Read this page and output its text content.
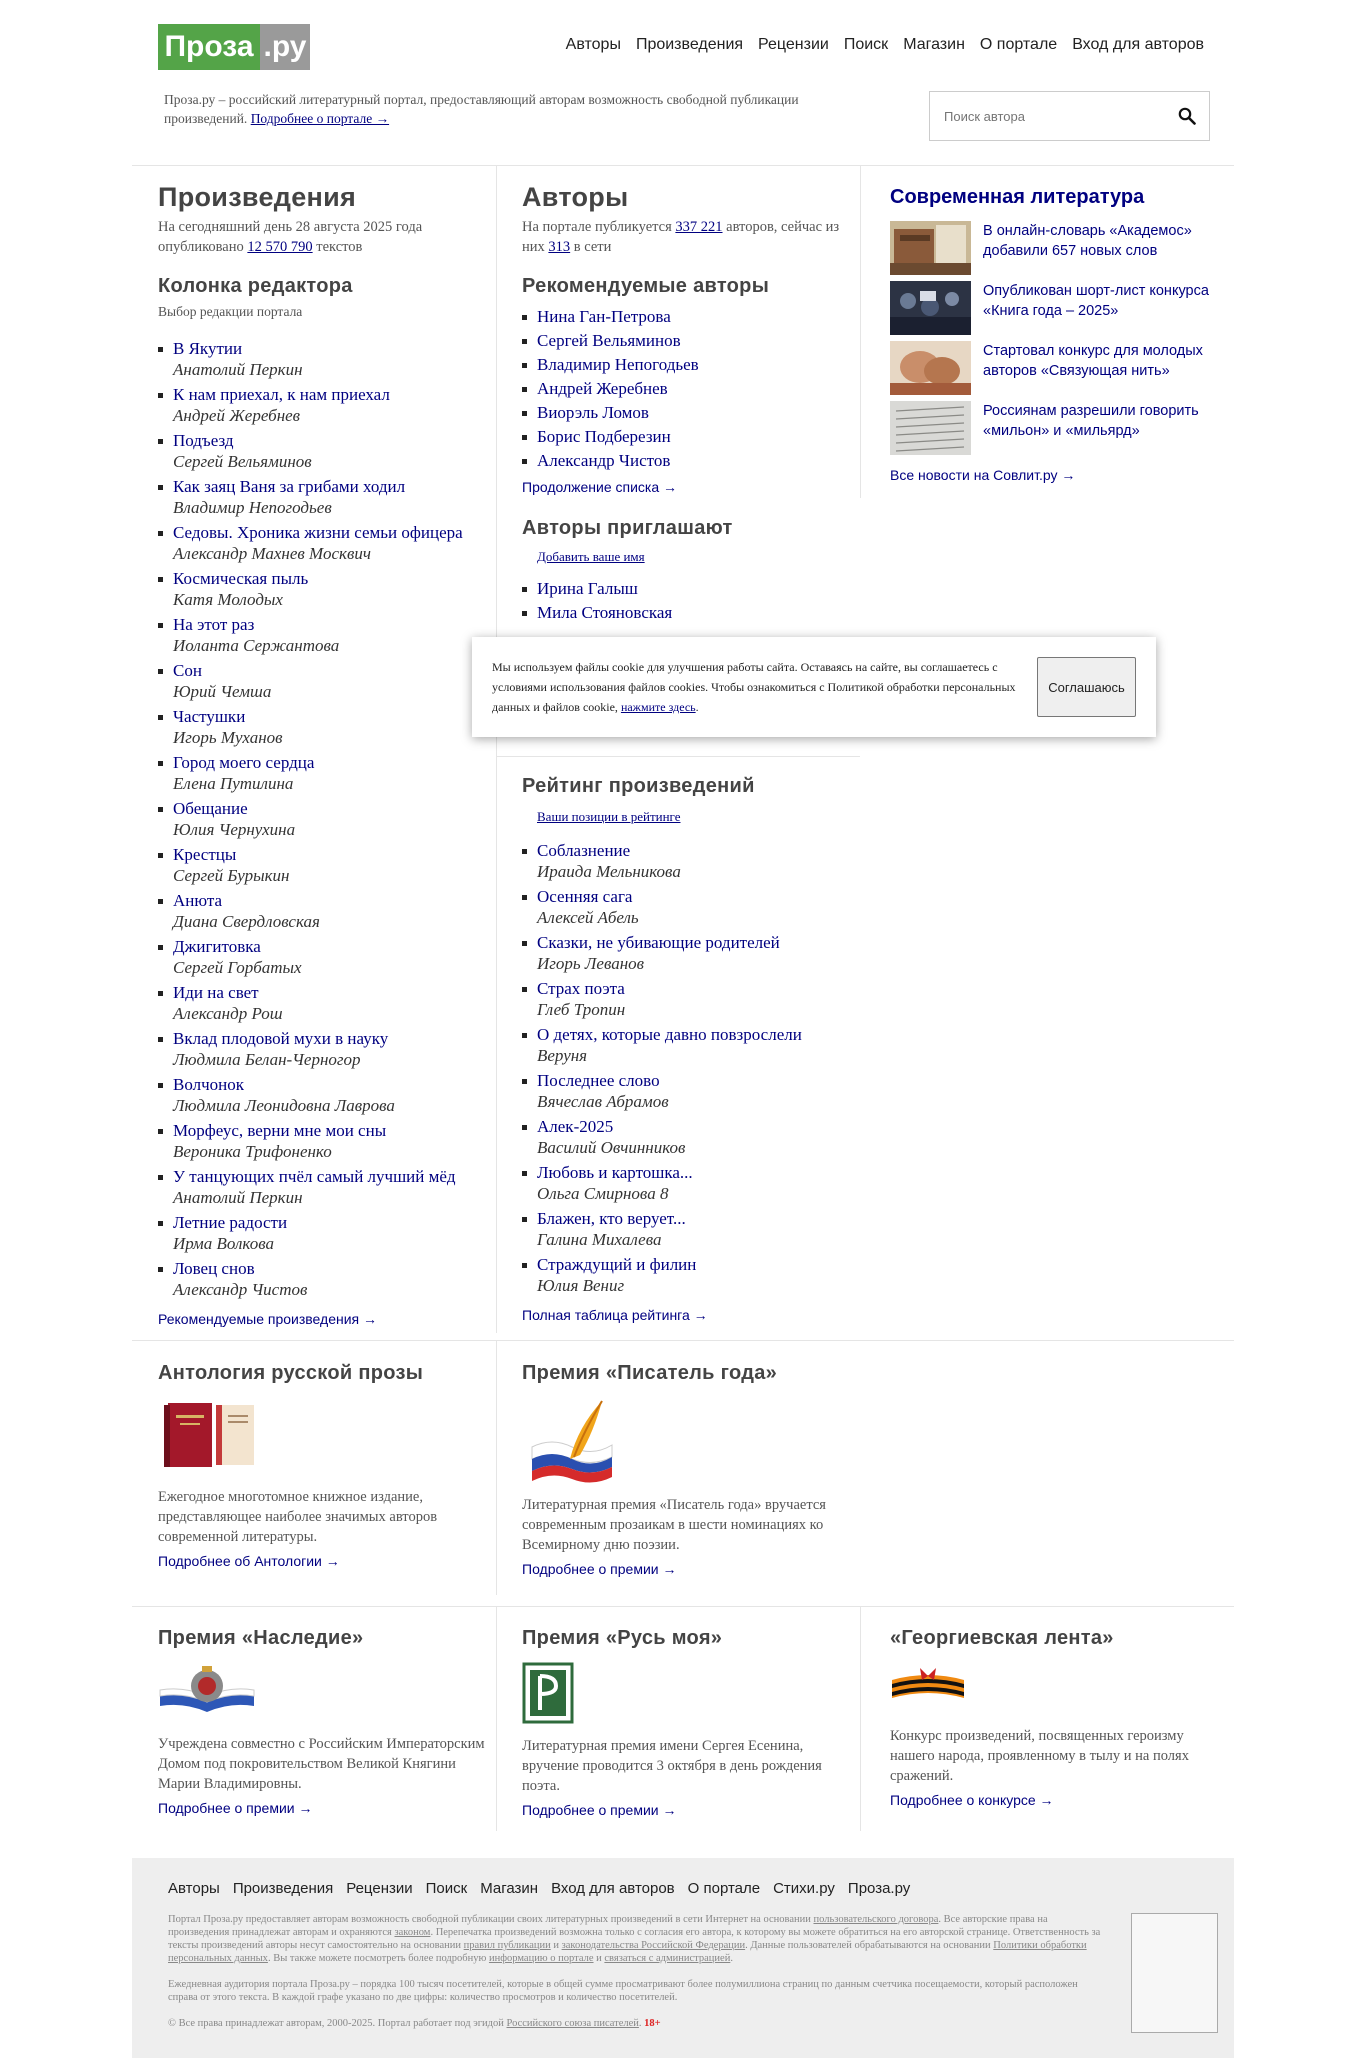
Проза .ру	Авторы Произведения Рецензии Поиск Магазин О портале Вход для авторов
Проза.ру – российский литературный портал, предоставляющий авторам возможность свободной публикации произведений. Подробнее о портале →
Поиск автора
Произведения
На сегодняшний день 28 августа 2025 года опубликовано 12 570 790 текстов
Колонка редактора
Выбор редакции портала
В Якутии
Анатолий Перкин
К нам приехал, к нам приехал
Андрей Жеребнев
Подъезд
Сергей Вельяминов
Как заяц Ваня за грибами ходил
Владимир Непогодьев
Седовы. Хроника жизни семьи офицера
Александр Махнев Москвич
Космическая пыль
Катя Молодых
На этот раз
Иоланта Сержантова
Сон
Юрий Чемша
Частушки
Игорь Муханов
Город моего сердца
Елена Путилина
Обещание
Юлия Чернухина
Крестцы
Сергей Бурыкин
Анюта
Диана Свердловская
Джигитовка
Сергей Горбатых
Иди на свет
Александр Рош
Вклад плодовой мухи в науку
Людмила Белан-Черногор
Волчонок
Людмила Леонидовна Лаврова
Морфеус, верни мне мои сны
Вероника Трифоненко
У танцующих пчёл самый лучший мёд
Анатолий Перкин
Летние радости
Ирма Волкова
Ловец снов
Александр Чистов
Рекомендуемые произведения →
Авторы
На портале публикуется 337 221 авторов, сейчас из них 313 в сети
Рекомендуемые авторы
Нина Ган-Петрова
Сергей Вельяминов
Владимир Непогодьев
Андрей Жеребнев
Виорэль Ломов
Борис Подберезин
Александр Чистов
Продолжение списка →
Авторы приглашают
Добавить ваше имя
Ирина Галыш
Мила Стояновская
Рейтинг произведений
Ваши позиции в рейтинге
Соблазнение
Ираида Мельникова
Осенняя сага
Алексей Абель
Сказки, не убивающие родителей
Игорь Леванов
Страх поэта
Глеб Тропин
О детях, которые давно повзрослели
Веруня
Последнее слово
Вячеслав Абрамов
Алек-2025
Василий Овчинников
Любовь и картошка...
Ольга Смирнова 8
Блажен, кто верует...
Галина Михалева
Страждущий и филин
Юлия Вениг
Полная таблица рейтинга →
Современная литература
В онлайн-словарь «Академос» добавили 657 новых слов
Опубликован шорт-лист конкурса «Книга года – 2025»
Стартовал конкурс для молодых авторов «Связующая нить»
Россиянам разрешили говорить «мильон» и «мильярд»
Все новости на Совлит.ру →
Антология русской прозы

Ежегодное многотомное книжное издание, представляющее наиболее значимых авторов современной литературы.

Подробнее об Антологии →
Премия «Писатель года»

Литературная премия «Писатель года» вручается современным прозаикам в шести номинациях ко Всемирному дню поэзии.

Подробнее о премии →
Премия «Наследие»

Учреждена совместно с Российским Императорским Домом под покровительством Великой Княгини Марии Владимировны.

Подробнее о премии →
Премия «Русь моя»

Литературная премия имени Сергея Есенина, вручение проводится 3 октября в день рождения поэта.

Подробнее о премии →
«Георгиевская лента»

Конкурс произведений, посвященных героизму нашего народа, проявленному в тылу и на полях сражений.

Подробнее о конкурсе →
Авторы Произведения Рецензии Поиск Магазин Вход для авторов О портале Стихи.ру Проза.ру

Портал Проза.ру предоставляет авторам возможность свободной публикации своих литературных произведений в сети Интернет на основании пользовательского договора. Все авторские права на произведения принадлежат авторам и охраняются законом. Перепечатка произведений возможна только с согласия его автора, к которому вы можете обратиться на его авторской странице. Ответственность за тексты произведений авторы несут самостоятельно на основании правил публикации и законодательства Российской Федерации. Данные пользователей обрабатываются на основании Политики обработки персональных данных. Вы также можете посмотреть более подробную информацию о портале и связаться с администрацией.

Ежедневная аудитория портала Проза.ру – порядка 100 тысяч посетителей, которые в общей сумме просматривают более полумиллиона страниц по данным счетчика посещаемости, который расположен справа от этого текста. В каждой графе указано по две цифры: количество просмотров и количество посетителей.

© Все права принадлежат авторам, 2000-2025. Портал работает под эгидой Российского союза писателей. 18+

Мы используем файлы cookie для улучшения работы сайта. Оставаясь на сайте, вы соглашаетесь с условиями использования файлов cookies. Чтобы ознакомиться с Политикой обработки персональных данных и файлов cookie, нажмите здесь.
Соглашаюсь
